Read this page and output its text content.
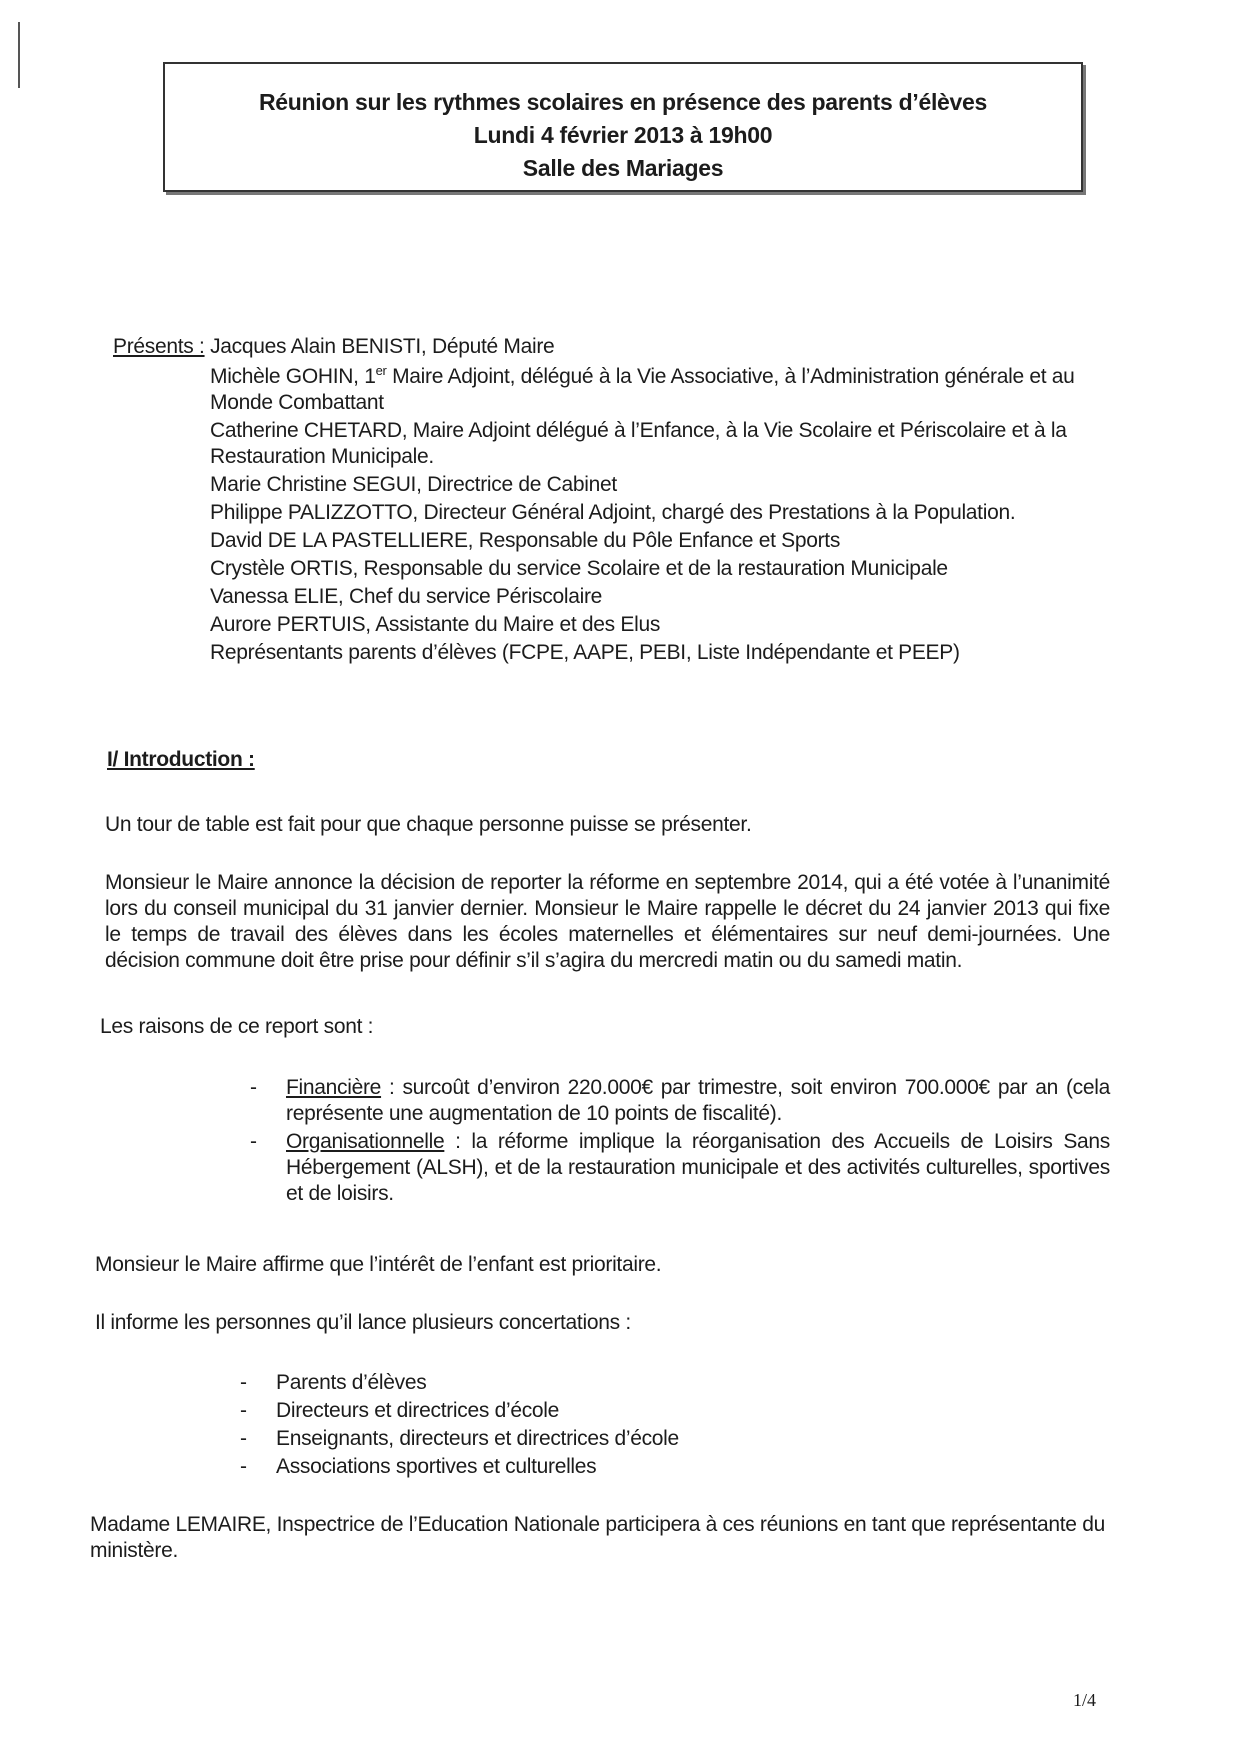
Réunion sur les rythmes scolaires en présence des parents d’élèves
Lundi 4 février 2013 à 19h00
Salle des Mariages
Présents : Jacques Alain BENISTI, Député Maire
Michèle GOHIN, 1er Maire Adjoint, délégué à la Vie Associative, à l’Administration générale et au
Monde Combattant
Catherine CHETARD, Maire Adjoint délégué à l’Enfance, à la Vie Scolaire et Périscolaire et à la
Restauration Municipale.
Marie Christine SEGUI, Directrice de Cabinet
Philippe PALIZZOTTO, Directeur Général Adjoint, chargé des Prestations à la Population.
David DE LA PASTELLIERE, Responsable du Pôle Enfance et Sports
Crystèle ORTIS, Responsable du service Scolaire et de la restauration Municipale
Vanessa ELIE, Chef du service Périscolaire
Aurore PERTUIS, Assistante du Maire et des Elus
Représentants parents d’élèves (FCPE, AAPE, PEBI, Liste Indépendante et PEEP)
I/ Introduction :
Un tour de table est fait pour que chaque personne puisse se présenter.
Monsieur le Maire annonce la décision de reporter la réforme en septembre 2014, qui a été votée à l’unanimité lors du conseil municipal du 31 janvier dernier. Monsieur le Maire rappelle le décret du 24 janvier 2013 qui fixe le temps de travail des élèves dans les écoles maternelles et élémentaires sur neuf demi-journées. Une décision commune doit être prise pour définir s’il s’agira du mercredi matin ou du samedi matin.
Les raisons de ce report sont :
- Financière : surcoût d’environ 220.000€ par trimestre, soit environ 700.000€ par an (cela représente une augmentation de 10 points de fiscalité).
- Organisationnelle : la réforme implique la réorganisation des Accueils de Loisirs Sans Hébergement (ALSH), et de la restauration municipale et des activités culturelles, sportives et de loisirs.
Monsieur le Maire affirme que l’intérêt de l’enfant est prioritaire.
Il informe les personnes qu’il lance plusieurs concertations :
- Parents d’élèves
- Directeurs et directrices d’école
- Enseignants, directeurs et directrices d’école
- Associations sportives et culturelles
Madame LEMAIRE, Inspectrice de l’Education Nationale participera à ces réunions en tant que représentante du ministère.
1/4
